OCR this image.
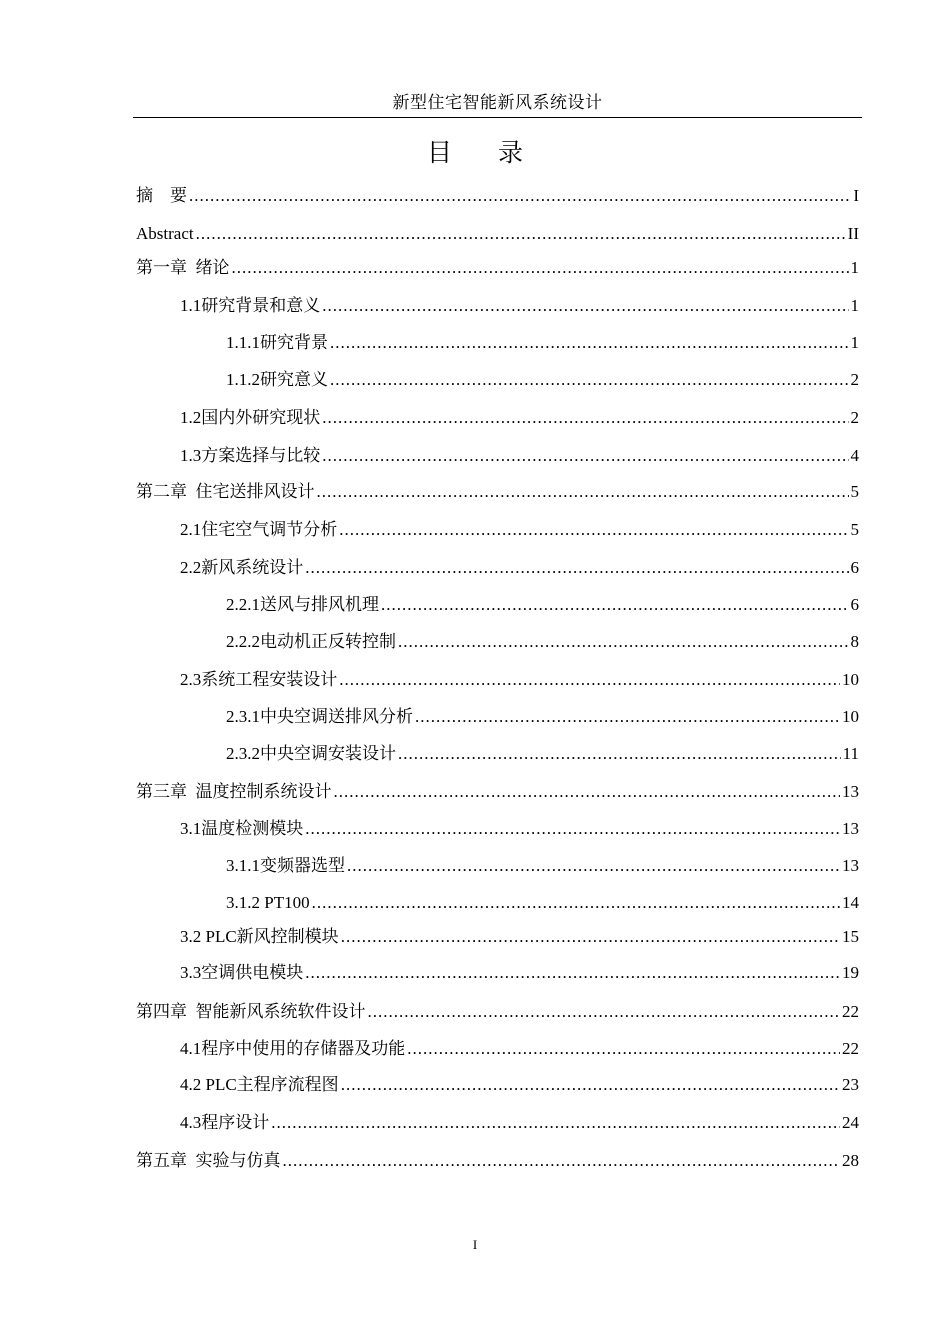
新型住宅智能新风系统设计
目 录
摘　要 .....	I
Abstract .....	II
第一章  绪论 .....	1
1.1研究背景和意义 .....	1
1.1.1研究背景 .....	1
1.1.2研究意义 .....	2
1.2国内外研究现状 .....	2
1.3方案选择与比较 .....	4
第二章  住宅送排风设计 .....	5
2.1住宅空气调节分析 .....	5
2.2新风系统设计 .....	6
2.2.1送风与排风机理 .....	6
2.2.2电动机正反转控制 .....	8
2.3系统工程安装设计 .....	10
2.3.1中央空调送排风分析 .....	10
2.3.2中央空调安装设计 .....	11
第三章  温度控制系统设计 .....	13
3.1温度检测模块 .....	13
3.1.1变频器选型 .....	13
3.1.2 PT100 .....	14
3.2 PLC新风控制模块 .....	15
3.3空调供电模块 .....	19
第四章  智能新风系统软件设计 .....	22
4.1程序中使用的存储器及功能 .....	22
4.2 PLC主程序流程图 .....	23
4.3程序设计 .....	24
第五章  实验与仿真 .....	28
I
